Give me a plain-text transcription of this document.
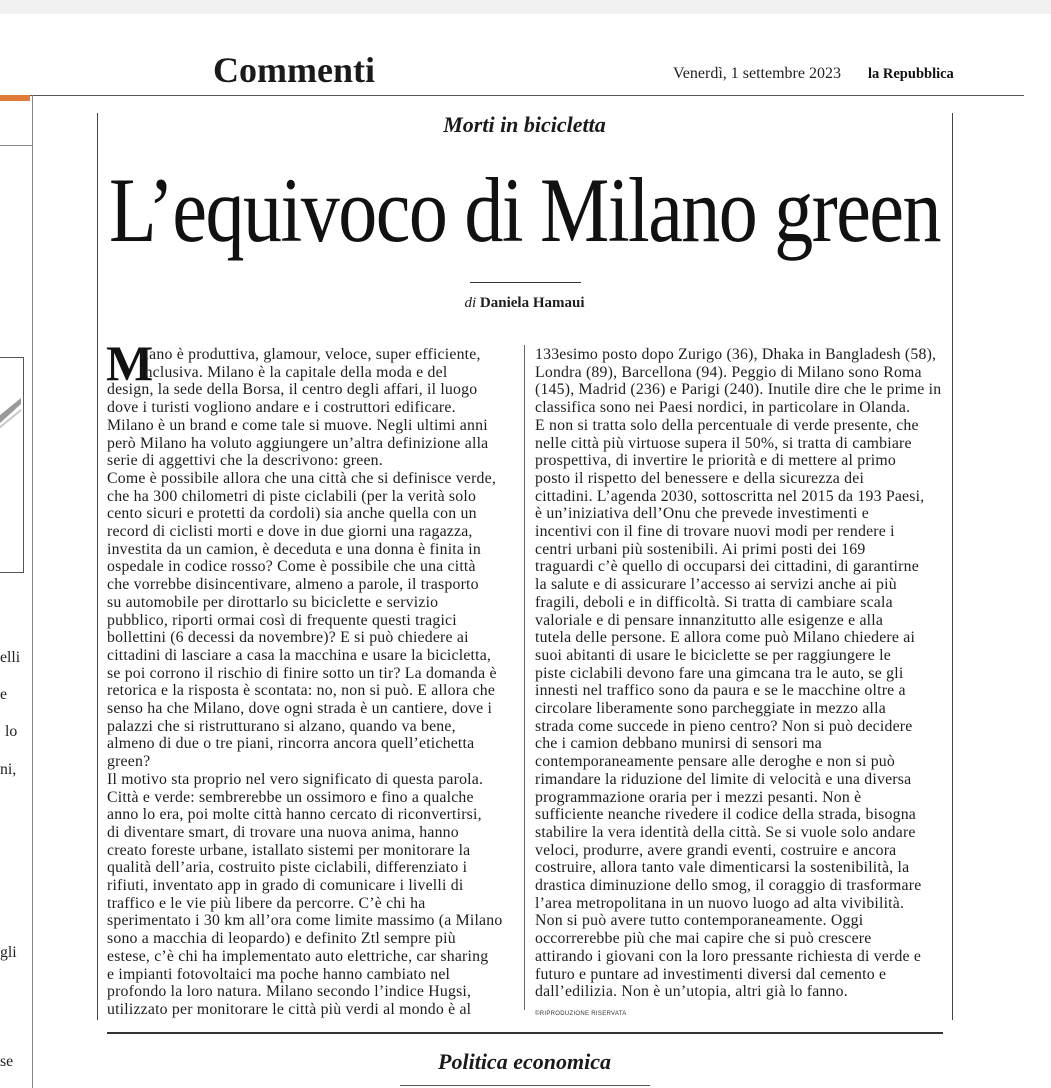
Commenti	Venerdì, 1 settembre 2023 la Repubblica
elli
e
lo
ni,
gli
se
Morti in bicicletta
L’equivoco di Milano green
di Daniela Hamaui
M
ilano è produttiva, glamour, veloce, super efficiente,
inclusiva. Milano è la capitale della moda e del
design, la sede della Borsa, il centro degli affari, il luogo
dove i turisti vogliono andare e i costruttori edificare.
Milano è un brand e come tale si muove. Negli ultimi anni
però Milano ha voluto aggiungere un’altra definizione alla
serie di aggettivi che la descrivono: green.
Come è possibile allora che una città che si definisce verde,
che ha 300 chilometri di piste ciclabili (per la verità solo
cento sicuri e protetti da cordoli) sia anche quella con un
record di ciclisti morti e dove in due giorni una ragazza,
investita da un camion, è deceduta e una donna è finita in
ospedale in codice rosso? Come è possibile che una città
che vorrebbe disincentivare, almeno a parole, il trasporto
su automobile per dirottarlo su biciclette e servizio
pubblico, riporti ormai così di frequente questi tragici
bollettini (6 decessi da novembre)? E si può chiedere ai
cittadini di lasciare a casa la macchina e usare la bicicletta,
se poi corrono il rischio di finire sotto un tir? La domanda è
retorica e la risposta è scontata: no, non si può. E allora che
senso ha che Milano, dove ogni strada è un cantiere, dove i
palazzi che si ristrutturano si alzano, quando va bene,
almeno di due o tre piani, rincorra ancora quell’etichetta
green?
Il motivo sta proprio nel vero significato di questa parola.
Città e verde: sembrerebbe un ossimoro e fino a qualche
anno lo era, poi molte città hanno cercato di riconvertirsi,
di diventare smart, di trovare una nuova anima, hanno
creato foreste urbane, istallato sistemi per monitorare la
qualità dell’aria, costruito piste ciclabili, differenziato i
rifiuti, inventato app in grado di comunicare i livelli di
traffico e le vie più libere da percorre. C’è chi ha
sperimentato i 30 km all’ora come limite massimo (a Milano
sono a macchia di leopardo) e definito Ztl sempre più
estese, c’è chi ha implementato auto elettriche, car sharing
e impianti fotovoltaici ma poche hanno cambiato nel
profondo la loro natura. Milano secondo l’indice Hugsi,
utilizzato per monitorare le città più verdi al mondo è al
133esimo posto dopo Zurigo (36), Dhaka in Bangladesh (58),
Londra (89), Barcellona (94). Peggio di Milano sono Roma
(145), Madrid (236) e Parigi (240). Inutile dire che le prime in
classifica sono nei Paesi nordici, in particolare in Olanda.
E non si tratta solo della percentuale di verde presente, che
nelle città più virtuose supera il 50%, si tratta di cambiare
prospettiva, di invertire le priorità e di mettere al primo
posto il rispetto del benessere e della sicurezza dei
cittadini. L’agenda 2030, sottoscritta nel 2015 da 193 Paesi,
è un’iniziativa dell’Onu che prevede investimenti e
incentivi con il fine di trovare nuovi modi per rendere i
centri urbani più sostenibili. Ai primi posti dei 169
traguardi c’è quello di occuparsi dei cittadini, di garantirne
la salute e di assicurare l’accesso ai servizi anche ai più
fragili, deboli e in difficoltà. Si tratta di cambiare scala
valoriale e di pensare innanzitutto alle esigenze e alla
tutela delle persone. E allora come può Milano chiedere ai
suoi abitanti di usare le biciclette se per raggiungere le
piste ciclabili devono fare una gimcana tra le auto, se gli
innesti nel traffico sono da paura e se le macchine oltre a
circolare liberamente sono parcheggiate in mezzo alla
strada come succede in pieno centro? Non si può decidere
che i camion debbano munirsi di sensori ma
contemporaneamente pensare alle deroghe e non si può
rimandare la riduzione del limite di velocità e una diversa
programmazione oraria per i mezzi pesanti. Non è
sufficiente neanche rivedere il codice della strada, bisogna
stabilire la vera identità della città. Se si vuole solo andare
veloci, produrre, avere grandi eventi, costruire e ancora
costruire, allora tanto vale dimenticarsi la sostenibilità, la
drastica diminuzione dello smog, il coraggio di trasformare
l’area metropolitana in un nuovo luogo ad alta vivibilità.
Non si può avere tutto contemporaneamente. Oggi
occorrerebbe più che mai capire che si può crescere
attirando i giovani con la loro pressante richiesta di verde e
futuro e puntare ad investimenti diversi dal cemento e
dall’edilizia. Non è un’utopia, altri già lo fanno.
©RIPRODUZIONE RISERVATA
Politica economica
